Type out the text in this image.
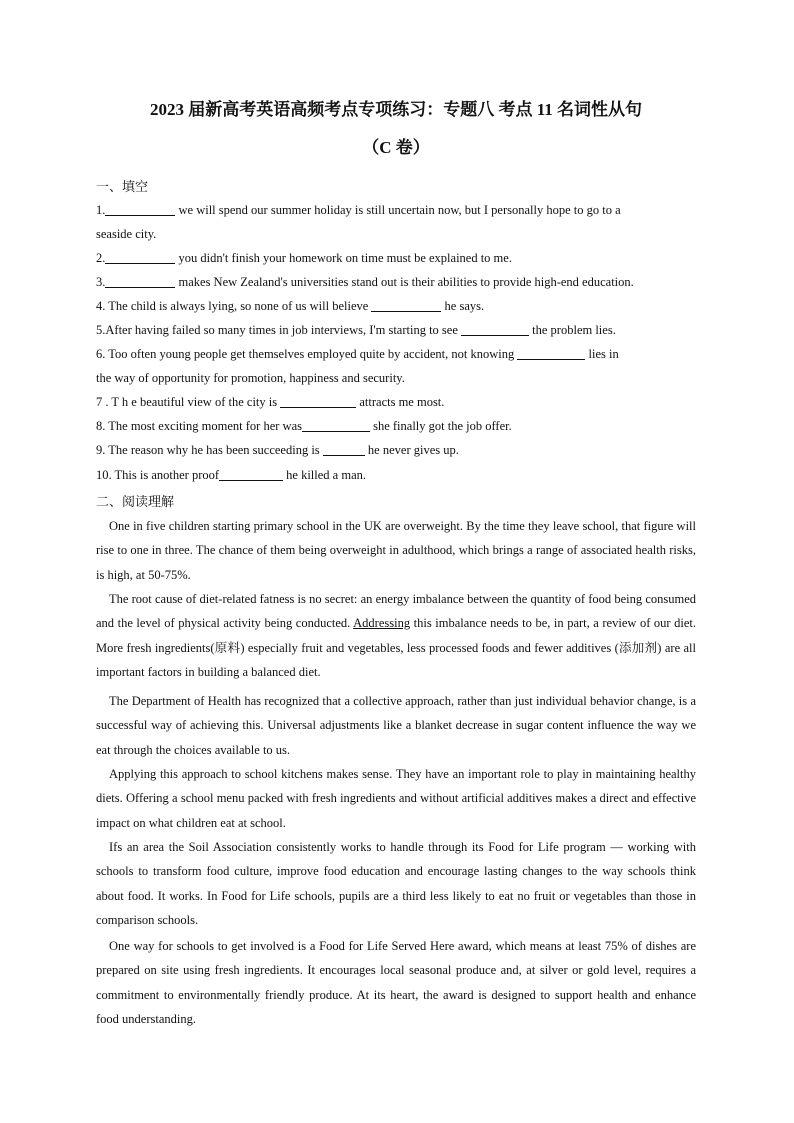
2023 届新高考英语高频考点专项练习：专题八 考点 11 名词性从句
（C 卷）
一、填空
1.	we will spend our summer holiday is still uncertain now, but I personally hope to go to a
seaside city.
2.	you didn't finish your homework on time must be explained to me.
3.	makes New Zealand's universities stand out is their abilities to provide high-end education.
4. The child is always lying, so none of us will believe	he says.
5.After having failed so many times in job interviews, I'm starting to see	the problem lies.
6. Too often young people get themselves employed quite by accident, not knowing	lies in
the way of opportunity for promotion, happiness and security.
7 . T h e beautiful view of the city is	attracts me most.
8. The most exciting moment for her was	she finally got the job offer.
9. The reason why he has been succeeding is	he never gives up.
10. This is another proof	he killed a man.
二、阅读理解
One in five children starting primary school in the UK are overweight. By the time they leave school, that figure will rise to one in three. The chance of them being overweight in adulthood, which brings a range of associated health risks, is high, at 50-75%.
The root cause of diet-related fatness is no secret: an energy imbalance between the quantity of food being consumed and the level of physical activity being conducted. Addressing this imbalance needs to be, in part, a review of our diet. More fresh ingredients(原料) especially fruit and vegetables, less processed foods and fewer additives (添加剂) are all important factors in building a balanced diet.
The Department of Health has recognized that a collective approach, rather than just individual behavior change, is a successful way of achieving this. Universal adjustments like a blanket decrease in sugar content influence the way we eat through the choices available to us.
Applying this approach to school kitchens makes sense. They have an important role to play in maintaining healthy diets. Offering a school menu packed with fresh ingredients and without artificial additives makes a direct and effective impact on what children eat at school.
Ifs an area the Soil Association consistently works to handle through its Food for Life program — working with schools to transform food culture, improve food education and encourage lasting changes to the way schools think about food. It works. In Food for Life schools, pupils are a third less likely to eat no fruit or vegetables than those in comparison schools.
One way for schools to get involved is a Food for Life Served Here award, which means at least 75% of dishes are prepared on site using fresh ingredients. It encourages local seasonal produce and, at silver or gold level, requires a commitment to environmentally friendly produce. At its heart, the award is designed to support health and enhance food understanding.
